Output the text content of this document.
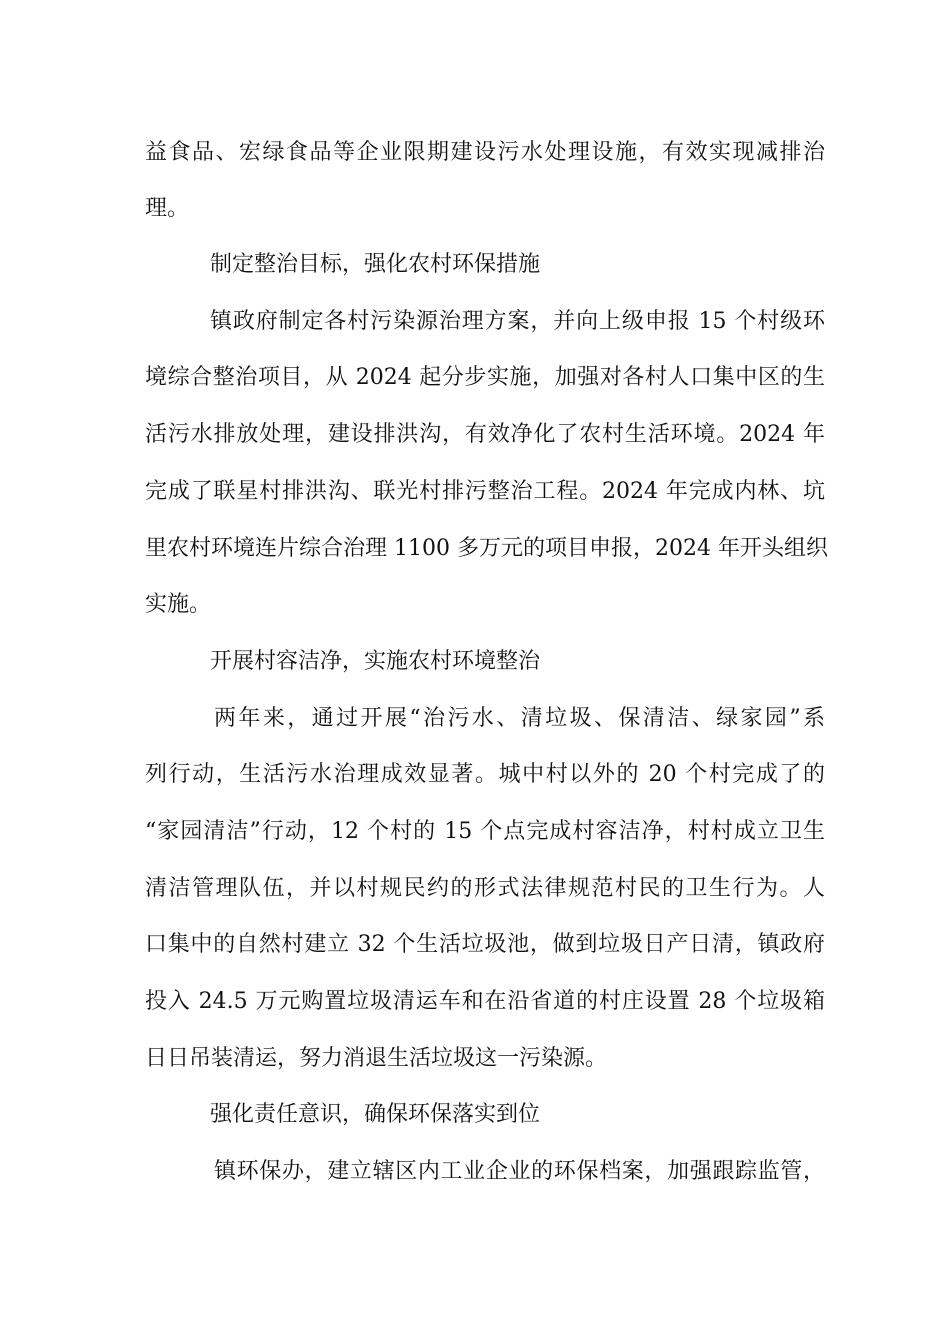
益食品、宏绿食品等企业限期建设污水处理设施，有效实现减排治
理。
制定整治目标，强化农村环保措施
镇政府制定各村污染源治理方案，并向上级申报 15 个村级环
境综合整治项目，从 2024 起分步实施，加强对各村人口集中区的生
活污水排放处理，建设排洪沟，有效净化了农村生活环境。2024 年
完成了联星村排洪沟、联光村排污整治工程。2024 年完成内林、坑
里农村环境连片综合治理 1100 多万元的项目申报，2024 年开头组织
实施。
开展村容洁净，实施农村环境整治
两年来，通过开展“治污水、清垃圾、保清洁、绿家园”系
列行动，生活污水治理成效显著。城中村以外的 20 个村完成了的
“家园清洁”行动，12 个村的 15 个点完成村容洁净，村村成立卫生
清洁管理队伍，并以村规民约的形式法律规范村民的卫生行为。人
口集中的自然村建立 32 个生活垃圾池，做到垃圾日产日清，镇政府
投入 24.5 万元购置垃圾清运车和在沿省道的村庄设置 28 个垃圾箱
日日吊装清运，努力消退生活垃圾这一污染源。
强化责任意识，确保环保落实到位
镇环保办，建立辖区内工业企业的环保档案，加强跟踪监管，
